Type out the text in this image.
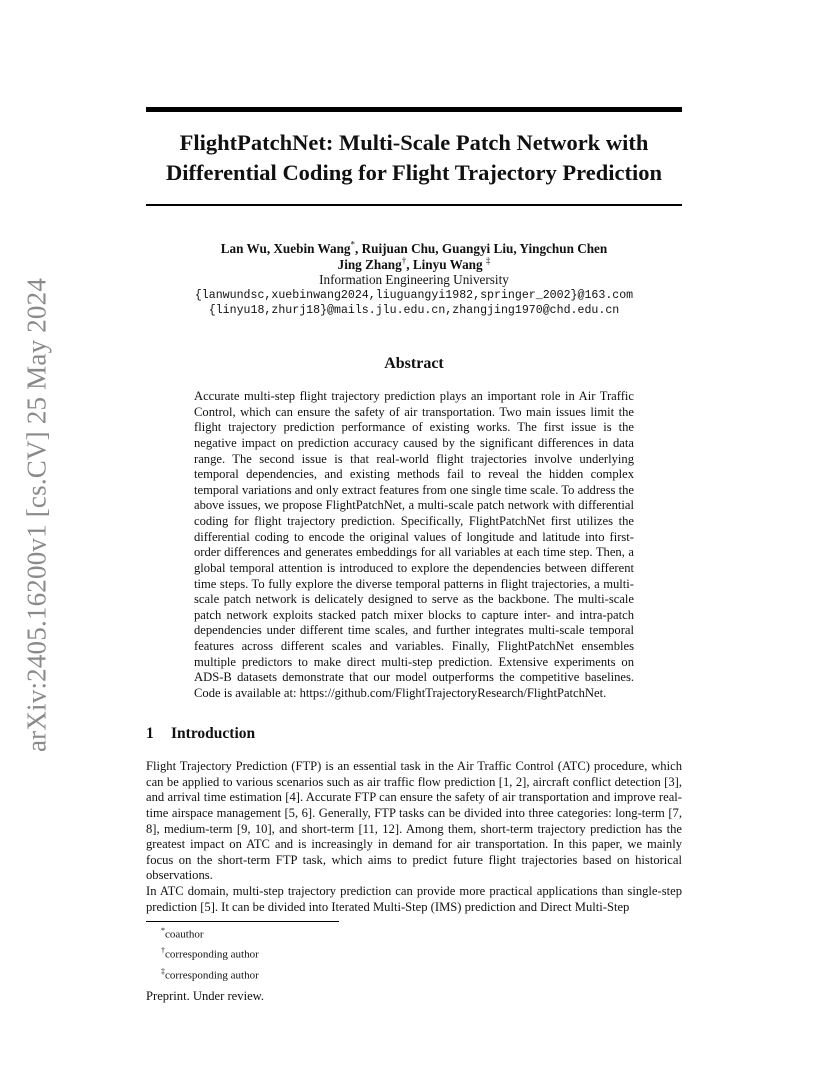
arXiv:2405.16200v1 [cs.CV] 25 May 2024
FlightPatchNet: Multi-Scale Patch Network with
Differential Coding for Flight Trajectory Prediction
Lan Wu, Xuebin Wang*, Ruijuan Chu, Guangyi Liu, Yingchun Chen
Jing Zhang†, Linyu Wang ‡
Information Engineering University
{lanwundsc,xuebinwang2024,liuguangyi1982,springer_2002}@163.com
{linyu18,zhurj18}@mails.jlu.edu.cn,zhangjing1970@chd.edu.cn
Abstract

Accurate multi-step flight trajectory prediction plays an important role in Air Traffic Control, which can ensure the safety of air transportation. Two main issues limit the flight trajectory prediction performance of existing works. The first issue is the negative impact on prediction accuracy caused by the significant differences in data range. The second issue is that real-world flight trajectories involve underlying temporal dependencies, and existing methods fail to reveal the hidden complex temporal variations and only extract features from one single time scale. To address the above issues, we propose FlightPatchNet, a multi-scale patch network with differential coding for flight trajectory prediction. Specifically, FlightPatchNet first utilizes the differential coding to encode the original values of longitude and latitude into first-order differences and generates embeddings for all variables at each time step. Then, a global temporal attention is introduced to explore the dependencies between different time steps. To fully explore the diverse temporal patterns in flight trajectories, a multi-scale patch network is delicately designed to serve as the backbone. The multi-scale patch network exploits stacked patch mixer blocks to capture inter- and intra-patch dependencies under different time scales, and further integrates multi-scale temporal features across different scales and variables. Finally, FlightPatchNet ensembles multiple predictors to make direct multi-step prediction. Extensive experiments on ADS-B datasets demonstrate that our model outperforms the competitive baselines. Code is available at: https://github.com/FlightTrajectoryResearch/FlightPatchNet.

1 Introduction

Flight Trajectory Prediction (FTP) is an essential task in the Air Traffic Control (ATC) procedure, which can be applied to various scenarios such as air traffic flow prediction [1, 2], aircraft conflict detection [3], and arrival time estimation [4]. Accurate FTP can ensure the safety of air transportation and improve real-time airspace management [5, 6]. Generally, FTP tasks can be divided into three categories: long-term [7, 8], medium-term [9, 10], and short-term [11, 12]. Among them, short-term trajectory prediction has the greatest impact on ATC and is increasingly in demand for air transportation. In this paper, we mainly focus on the short-term FTP task, which aims to predict future flight trajectories based on historical observations.

In ATC domain, multi-step trajectory prediction can provide more practical applications than single-step prediction [5]. It can be divided into Iterated Multi-Step (IMS) prediction and Direct Multi-Step

*coauthor
†corresponding author
‡corresponding author
Preprint. Under review.
